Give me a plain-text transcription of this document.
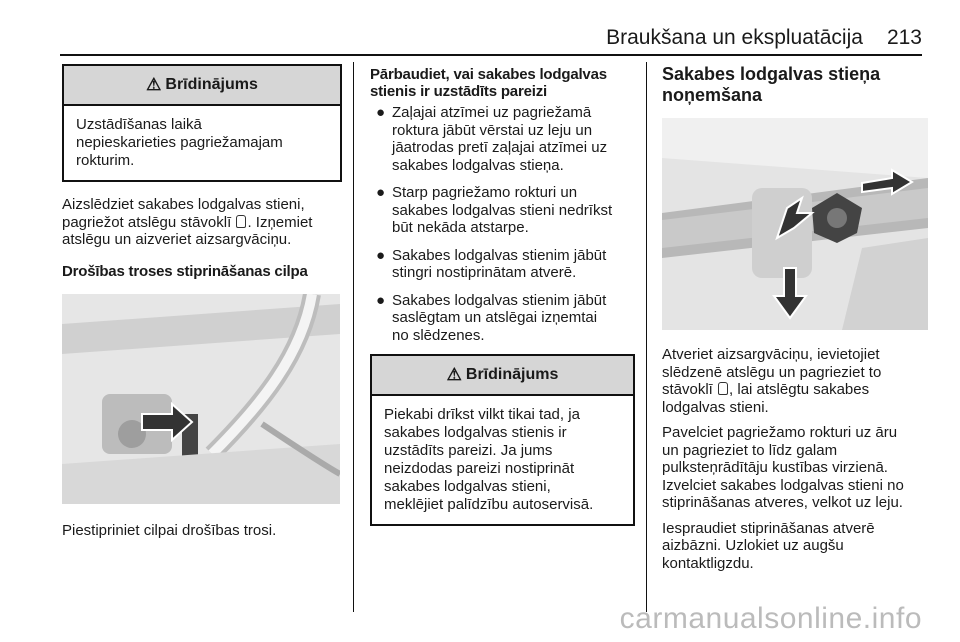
Braukšana un ekspluatācija 213
⚠ Brīdinājums
Uzstādīšanas laikā
nepieskarieties pagriežamajam
rokturim.

Aizslēdziet sakabes lodgalvas stieni,
pagriežot atslēgu stāvoklī . Izņemiet
atslēgu un aizveriet aizsargvāciņu.

Drošības troses stiprināšanas cilpa

Piestipriniet cilpai drošības trosi.

Pārbaudiet, vai sakabes lodgalvas
stienis ir uzstādīts pareizi
● Zaļajai atzīmei uz pagriežamā
roktura jābūt vērstai uz leju un
jāatrodas pretī zaļajai atzīmei uz
sakabes lodgalvas stieņa.
● Starp pagriežamo rokturi un
sakabes lodgalvas stieni nedrīkst
būt nekāda atstarpe.
● Sakabes lodgalvas stienim jābūt
stingri nostiprinātam atverē.
● Sakabes lodgalvas stienim jābūt
saslēgtam un atslēgai izņemtai
no slēdzenes.
⚠ Brīdinājums
Piekabi drīkst vilkt tikai tad, ja
sakabes lodgalvas stienis ir
uzstādīts pareizi. Ja jums
neizdodas pareizi nostiprināt
sakabes lodgalvas stieni,
meklējiet palīdzību autoservisā.
Sakabes lodgalvas stieņa
noņemšana

Atveriet aizsargvāciņu, ievietojiet
slēdzenē atslēgu un pagrieziet to
stāvoklī , lai atslēgtu sakabes
lodgalvas stieni.

Pavelciet pagriežamo rokturi uz āru
un pagrieziet to līdz galam
pulksteņrādītāju kustības virzienā.
Izvelciet sakabes lodgalvas stieni no
stiprināšanas atveres, velkot uz leju.

Iespraudiet stiprināšanas atverē
aizbāzni. Uzlokiet uz augšu
kontaktligzdu.

carmanualsonline.info
